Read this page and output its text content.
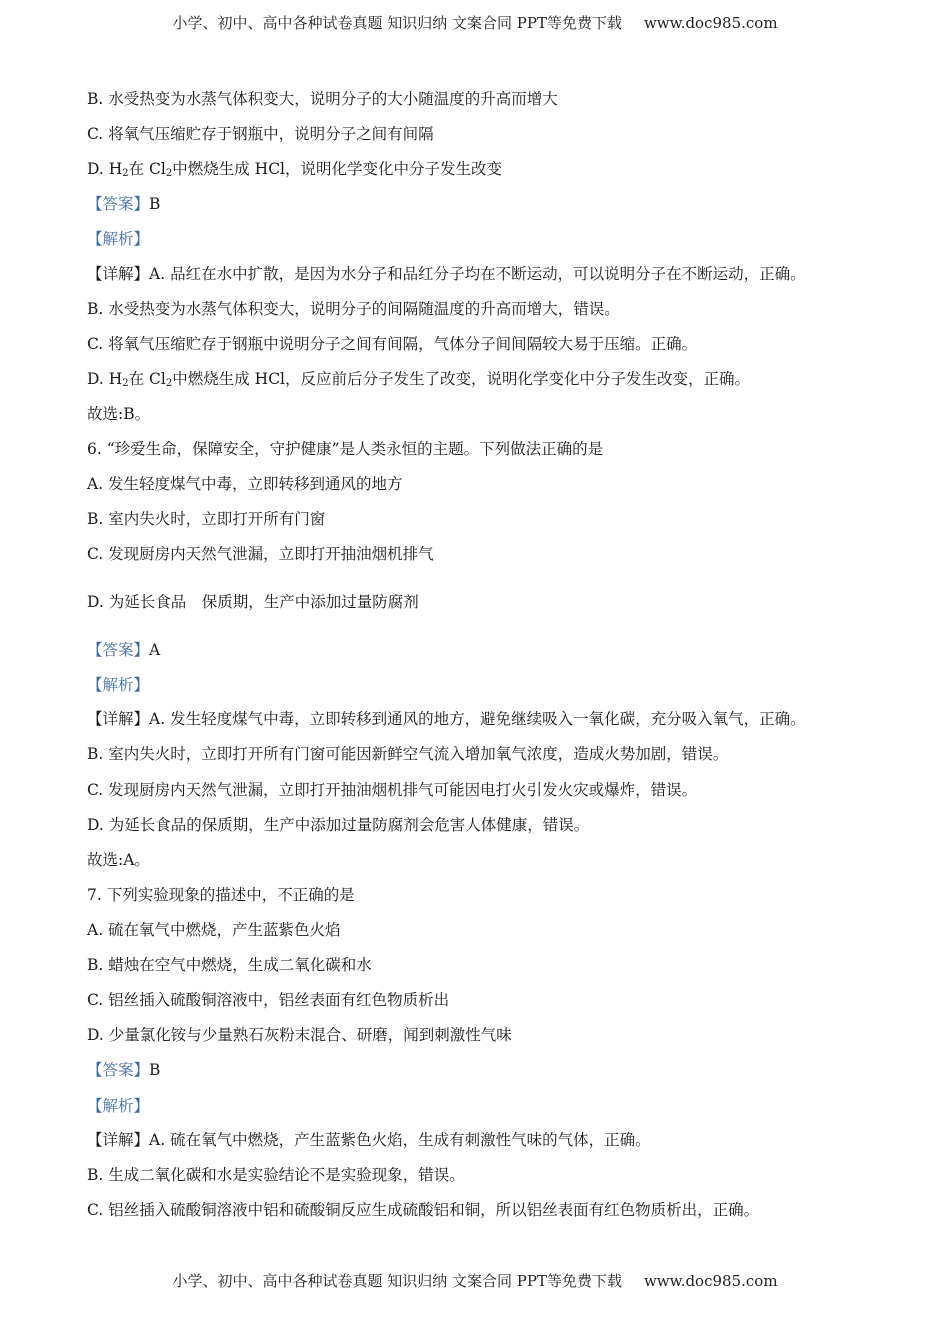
小学、初中、高中各种试卷真题 知识归纳 文案合同 PPT等免费下载 www.doc985.com
B. 水受热变为水蒸气体积变大，说明分子的大小随温度的升高而增大
C. 将氧气压缩贮存于钢瓶中，说明分子之间有间隔
D. $H_2$在 $Cl_2$中燃烧生成 HCl，说明化学变化中分子发生改变
【答案】B
【解析】
【详解】A. 品红在水中扩散，是因为水分子和品红分子均在不断运动，可以说明分子在不断运动，正确。
B. 水受热变为水蒸气体积变大，说明分子的间隔随温度的升高而增大，错误。
C. 将氧气压缩贮存于钢瓶中说明分子之间有间隔，气体分子间间隔较大易于压缩。正确。
D. $H_2$在 $Cl_2$中燃烧生成 HCl，反应前后分子发生了改变，说明化学变化中分子发生改变，正确。
故选:B。
6. “珍爱生命，保障安全，守护健康”是人类永恒的主题。下列做法正确的是
A. 发生轻度煤气中毒，立即转移到通风的地方
B. 室内失火时，立即打开所有门窗
C. 发现厨房内天然气泄漏，立即打开抽油烟机排气
D. 为延长食品　保质期，生产中添加过量防腐剂
【答案】A
【解析】
【详解】A. 发生轻度煤气中毒，立即转移到通风的地方，避免继续吸入一氧化碳，充分吸入氧气，正确。
B. 室内失火时，立即打开所有门窗可能因新鲜空气流入增加氧气浓度，造成火势加剧，错误。
C. 发现厨房内天然气泄漏，立即打开抽油烟机排气可能因电打火引发火灾或爆炸，错误。
D. 为延长食品的保质期，生产中添加过量防腐剂会危害人体健康，错误。
故选:A。
7. 下列实验现象的描述中，不正确的是
A. 硫在氧气中燃烧，产生蓝紫色火焰
B. 蜡烛在空气中燃烧，生成二氧化碳和水
C. 铝丝插入硫酸铜溶液中，铝丝表面有红色物质析出
D. 少量氯化铵与少量熟石灰粉末混合、研磨，闻到刺激性气味
【答案】B
【解析】
【详解】A. 硫在氧气中燃烧，产生蓝紫色火焰，生成有刺激性气味的气体，正确。
B. 生成二氧化碳和水是实验结论不是实验现象，错误。
C. 铝丝插入硫酸铜溶液中铝和硫酸铜反应生成硫酸铝和铜，所以铝丝表面有红色物质析出，正确。
小学、初中、高中各种试卷真题 知识归纳 文案合同 PPT等免费下载 www.doc985.com
